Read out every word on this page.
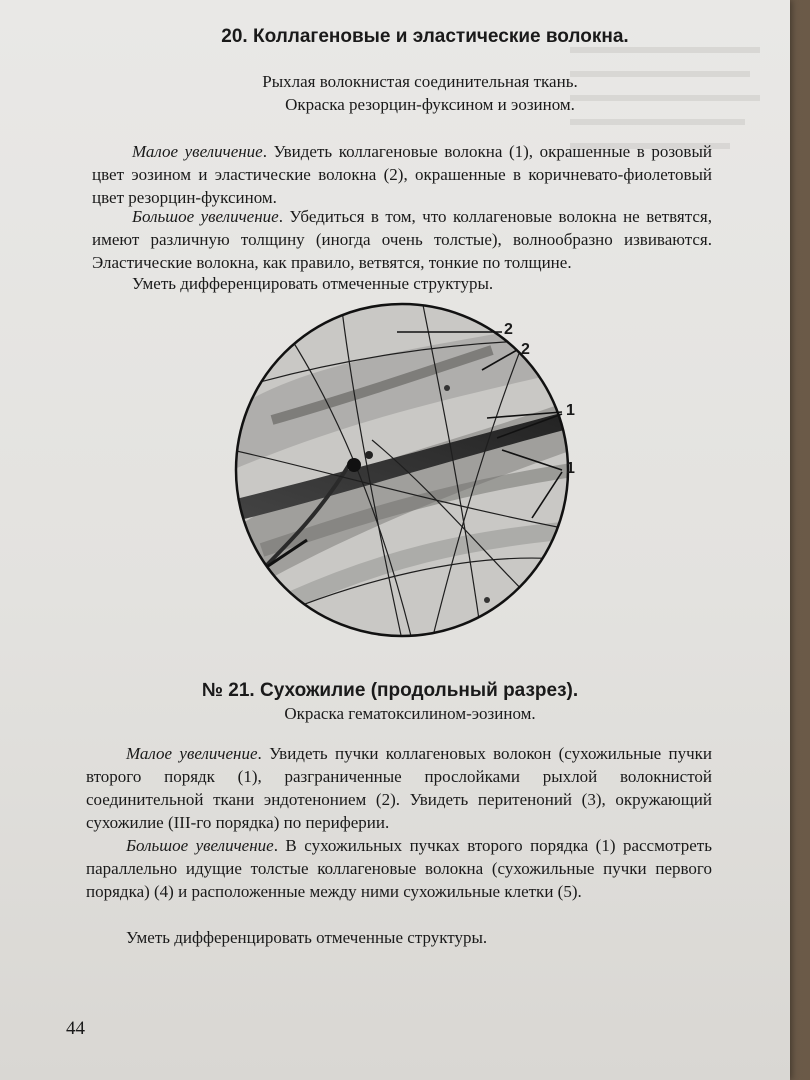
20. Коллагеновые и эластические волокна.
Рыхлая волокнистая соединительная ткань.
Окраска резорцин-фуксином и эозином.

Малое увеличение. Увидеть коллагеновые волокна (1), окрашенные в розовый цвет эозином и эластические волокна (2), окрашенные в коричневато-фиолетовый цвет резорцин-фуксином.

Большое увеличение. Убедиться в том, что коллагеновые волокна не ветвятся, имеют различную толщину (иногда очень толстые), волнообразно извиваются. Эластические волокна, как правило, ветвятся, тонкие по толщине.

Уметь дифференцировать отмеченные структуры.

2
2
1
1
№ 21. Сухожилие (продольный разрез).
Окраска гематоксилином-эозином.

Малое увеличение. Увидеть пучки коллагеновых волокон (сухожильные пучки второго порядк (1), разграниченные прослойками рыхлой волокнистой соединительной ткани эндотенонием (2). Увидеть перитеноний (3), окружающий сухожилие (III-го порядка) по периферии.

Большое увеличение. В сухожильных пучках второго порядка (1) рассмотреть параллельно идущие толстые коллагеновые волокна (сухожильные пучки первого порядка) (4) и расположенные между ними сухожильные клетки (5).

Уметь дифференцировать отмеченные структуры.

44
